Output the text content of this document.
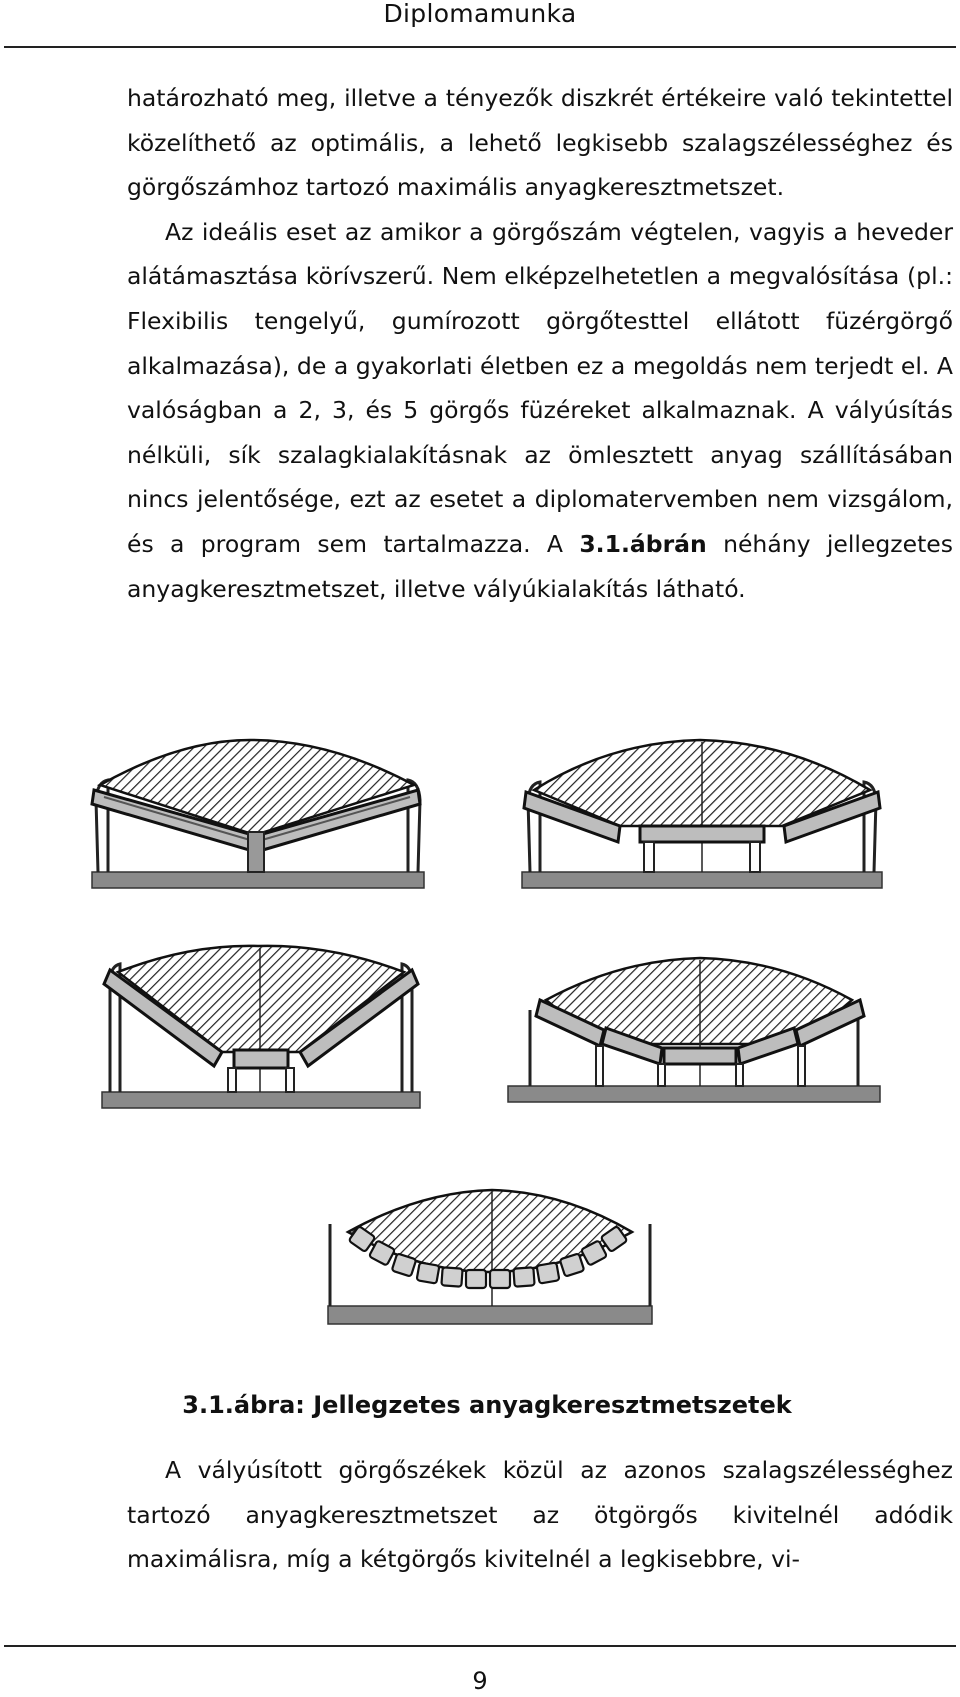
Diplomamunka

határozható meg, illetve a tényezők diszkrét értékeire való tekintettel közelíthető az optimális, a lehető legkisebb szalagszélességhez és görgőszámhoz tartozó maximális anyagkeresztmetszet.

Az ideális eset az amikor a görgőszám végtelen, vagyis a heveder alátámasztása körívszerű. Nem elképzelhetetlen a megvalósítása (pl.: Flexibilis tengelyű, gumírozott görgőtesttel ellátott füzérgörgő alkalmazása), de a gyakorlati életben ez a megoldás nem terjedt el. A valóságban a 2, 3, és 5 görgős füzéreket alkalmaznak. A vályúsítás nélküli, sík szalagkialakításnak az ömlesztett anyag szállításában nincs jelentősége, ezt az esetet a diplomatervemben nem vizsgálom, és a program sem tartalmazza. A 3.1.ábrán néhány jellegzetes anyagkeresztmetszet, illetve vályúkialakítás látható.

3.1.ábra: Jellegzetes anyagkeresztmetszetek

A vályúsított görgőszékek közül az azonos szalagszélességhez tartozó anyagkeresztmetszet az ötgörgős kivitelnél adódik maximálisra, míg a kétgörgős kivitelnél a legkisebbre, vi-

9
